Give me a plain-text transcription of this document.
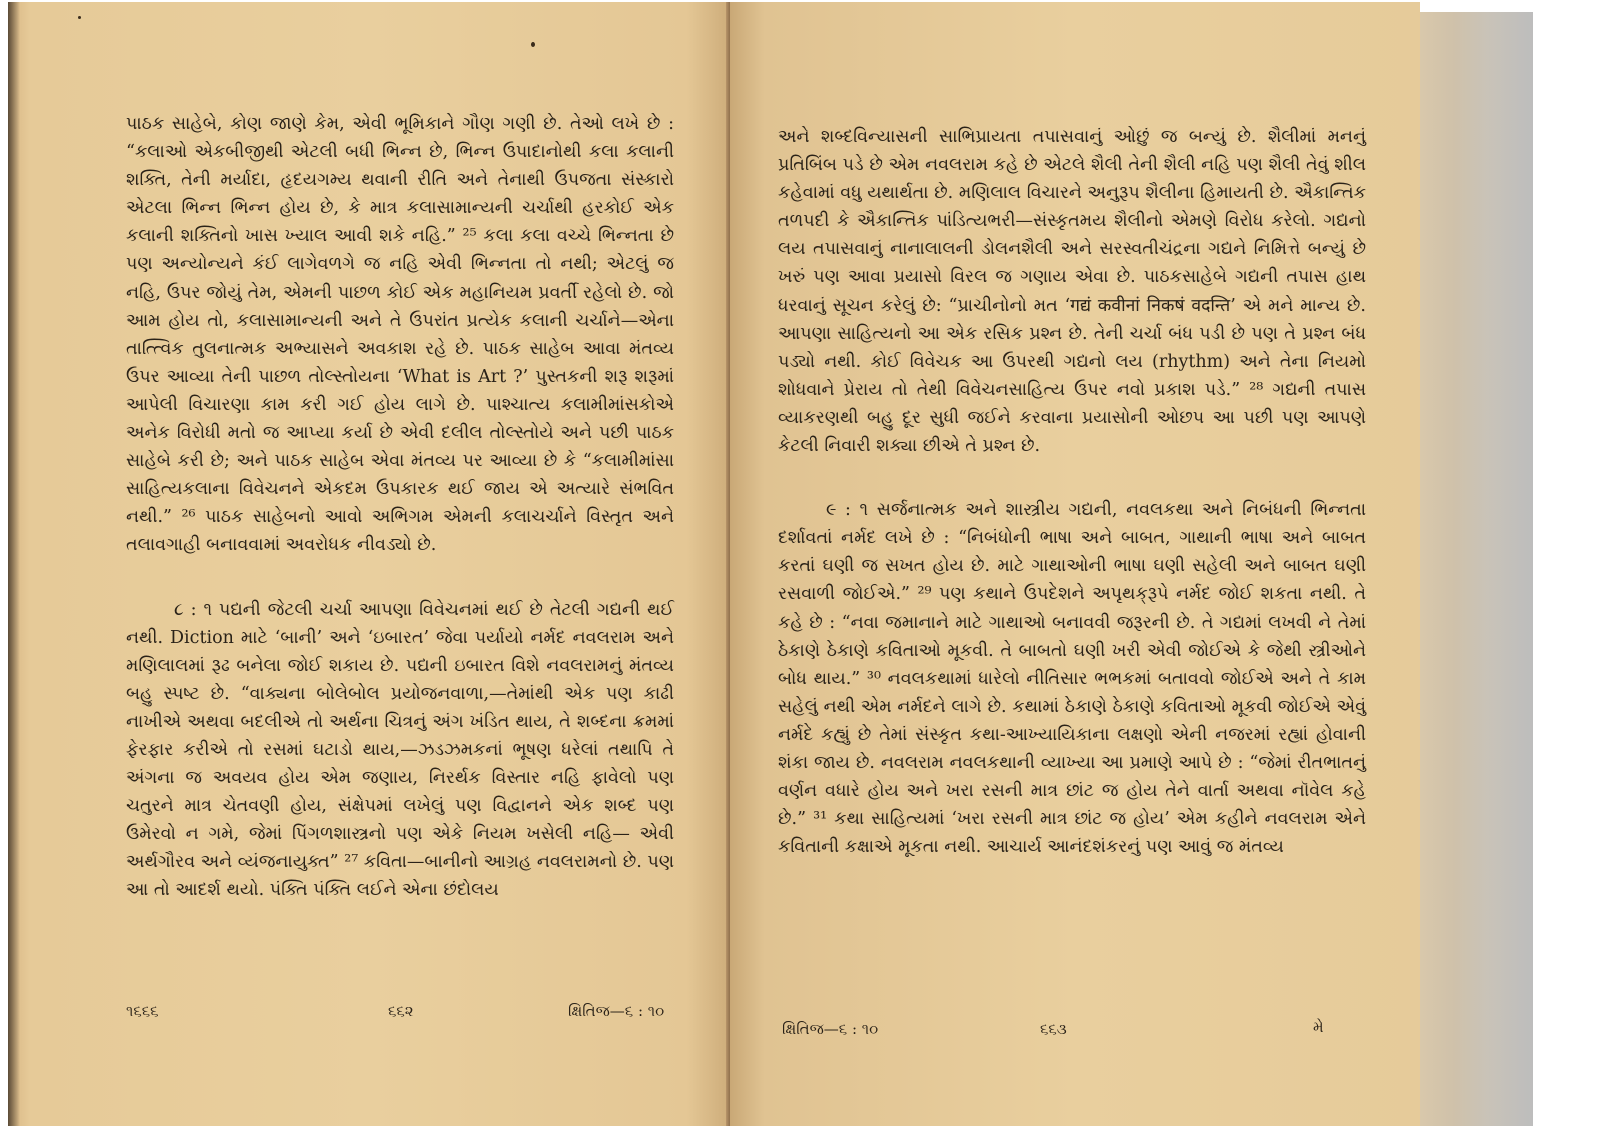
પાઠક સાહેબે, કોણ જાણે કેમ, એવી ભૂમિકાને ગૌણ ગણી છે. તેઓ લખે છે : “કલાઓ એકબીજીથી એટલી બધી ભિન્ન છે, ભિન્ન ઉપાદાનોથી કલા કલાની શક્તિ, તેની મર્યાદા, હૃદયગમ્ય થવાની રીતિ અને તેનાથી ઉપજતા સંસ્કારો એટલા ભિન્ન ભિન્ન હોય છે, કે માત્ર કલાસામાન્યની ચર્ચાથી હરકોઈ એક કલાની શક્તિનો ખાસ ખ્યાલ આવી શકે નહિ.” ²⁵ કલા કલા વચ્ચે ભિન્નતા છે પણ અન્યોન્યને કંઈ લાગેવળગે જ નહિ એવી ભિન્નતા તો નથી; એટલું જ નહિ, ઉપર જોયું તેમ, એમની પાછળ કોઈ એક મહાનિયમ પ્રવર્તી રહેલો છે. જો આમ હોય તો, કલાસામાન્યની અને તે ઉપરાંત પ્રત્યેક કલાની ચર્ચાને—એના તાત્ત્વિક તુલનાત્મક અભ્યાસને અવકાશ રહે છે. પાઠક સાહેબ આવા મંતવ્ય ઉપર આવ્યા તેની પાછળ તોલ્સ્તોયના ‘What is Art ?’ પુસ્તકની શરૂ શરૂમાં આપેલી વિચારણા કામ કરી ગઈ હોય લાગે છે. પાશ્ચાત્ય કલામીમાંસકોએ અનેક વિરોધી મતો જ આપ્યા કર્યા છે એવી દલીલ તોલ્સ્તોયે અને પછી પાઠક સાહેબે કરી છે; અને પાઠક સાહેબ એવા મંતવ્ય પર આવ્યા છે કે “કલામીમાંસા સાહિત્યકલાના વિવેચનને એકદમ ઉપકારક થઈ જાય એ અત્યારે સંભવિત નથી.” ²⁶ પાઠક સાહેબનો આવો અભિગમ એમની કલાચર્ચાને વિસ્તૃત અને તલાવગાહી બનાવવામાં અવરોધક નીવડ્યો છે.

૮ : ૧ પદ્યની જેટલી ચર્ચા આપણા વિવેચનમાં થઈ છે તેટલી ગદ્યની થઈ નથી. Diction માટે ‘બાની’ અને ‘ઇબારત’ જેવા પર્યાયો નર્મદ નવલરામ અને મણિલાલમાં રૂઢ બનેલા જોઈ શકાય છે. પદ્યની ઇબારત વિશે નવલરામનું મંતવ્ય બહુ સ્પષ્ટ છે. “વાક્યના બોલેબોલ પ્રયોજનવાળા,—તેમાંથી એક પણ કાઢી નાખીએ અથવા બદલીએ તો અર્થના ચિત્રનું અંગ ખંડિત થાય, તે શબ્દના ક્રમમાં ફેરફાર કરીએ તો રસમાં ઘટાડો થાય,—ઝડઝમકનાં ભૂષણ ધરેલાં તથાપિ તે અંગના જ અવયવ હોય એમ જણાય, નિરર્થક વિસ્તાર નહિ ફાવેલો પણ ચતુરને માત્ર ચેતવણી હોય, સંક્ષેપમાં લખેલું પણ વિદ્વાનને એક શબ્દ પણ ઉમેરવો ન ગમે, જેમાં પિંગળશાસ્ત્રનો પણ એકે નિયમ ખસેલી નહિ— એવી અર્થગૌરવ અને વ્યંજનાયુક્ત” ²⁷ કવિતા—બાનીનો આગ્રહ નવલરામનો છે. પણ આ તો આદર્શ થયો. પંક્તિ પંક્તિ લઈને એના છંદોલય

૧૬૬૬	૬૬૨	ક્ષિતિજ—૬ : ૧૦

અને શબ્દવિન્યાસની સાભિપ્રાયતા તપાસવાનું ઓછું જ બન્યું છે. શૈલીમાં મનનું પ્રતિબિંબ પડે છે એમ નવલરામ કહે છે એટલે શૈલી તેની શૈલી નહિ પણ શૈલી તેવું શીલ કહેવામાં વધુ યથાર્થતા છે. મણિલાલ વિચારને અનુરૂપ શૈલીના હિમાયતી છે. ઐકાન્તિક તળપદી કે ઐકાન્તિક પાંડિત્યભરી—સંસ્કૃતમય શૈલીનો એમણે વિરોધ કરેલો. ગદ્યનો લય તપાસવાનું નાનાલાલની ડોલનશૈલી અને સરસ્વતીચંદ્રના ગદ્યને નિમિત્તે બન્યું છે ખરું પણ આવા પ્રયાસો વિરલ જ ગણાય એવા છે. પાઠકસાહેબે ગદ્યની તપાસ હાથ ધરવાનું સૂચન કરેલું છે: “પ્રાચીનોનો મત ‘गद्यं कवीनां निकषं वदन्ति’ એ મને માન્ય છે. આપણા સાહિત્યનો આ એક રસિક પ્રશ્ન છે. તેની ચર્ચા બંધ પડી છે પણ તે પ્રશ્ન બંધ પડ્યો નથી. કોઈ વિવેચક આ ઉપરથી ગદ્યનો લય (rhythm) અને તેના નિયમો શોધવાને પ્રેરાય તો તેથી વિવેચનસાહિત્ય ઉપર નવો પ્રકાશ પડે.” ²⁸ ગદ્યની તપાસ વ્યાકરણથી બહુ દૂર સુધી જઈને કરવાના પ્રયાસોની ઓછપ આ પછી પણ આપણે કેટલી નિવારી શક્યા છીએ તે પ્રશ્ન છે.

૯ : ૧ સર્જનાત્મક અને શાસ્ત્રીય ગદ્યની, નવલકથા અને નિબંધની ભિન્નતા દર્શાવતાં નર્મદ લખે છે : “નિબંધોની ભાષા અને બાબત, ગાથાની ભાષા અને બાબત કરતાં ઘણી જ સખત હોય છે. માટે ગાથાઓની ભાષા ઘણી સહેલી અને બાબત ઘણી રસવાળી જોઈએ.” ²⁹ પણ કથાને ઉપદેશને અપૃથક્‌રૂપે નર્મદ જોઈ શકતા નથી. તે કહે છે : “નવા જમાનાને માટે ગાથાઓ બનાવવી જરૂરની છે. તે ગદ્યમાં લખવી ને તેમાં ઠેકાણે ઠેકાણે કવિતાઓ મૂકવી. તે બાબતો ઘણી ખરી એવી જોઈએ કે જેથી સ્ત્રીઓને બોધ થાય.” ³⁰ નવલકથામાં ધારેલો નીતિસાર ભભકમાં બતાવવો જોઈએ અને તે કામ સહેલું નથી એમ નર્મદને લાગે છે. કથામાં ઠેકાણે ઠેકાણે કવિતાઓ મૂકવી જોઈએ એવું નર્મદે કહ્યું છે તેમાં સંસ્કૃત કથા-આખ્યાયિકાના લક્ષણો એની નજરમાં રહ્યાં હોવાની શંકા જાય છે. નવલરામ નવલકથાની વ્યાખ્યા આ પ્રમાણે આપે છે : “જેમાં રીતભાતનું વર્ણન વધારે હોય અને ખરા રસની માત્ર છાંટ જ હોય તેને વાર્તા અથવા નૉવેલ કહે છે.” ³¹ કથા સાહિત્યમાં ‘ખરા રસની માત્ર છાંટ જ હોય’ એમ કહીને નવલરામ એને કવિતાની કક્ષાએ મૂકતા નથી. આચાર્ય આનંદશંકરનું પણ આવું જ મંતવ્ય

ક્ષિતિજ—૬ : ૧૦	૬૬૩	મે
